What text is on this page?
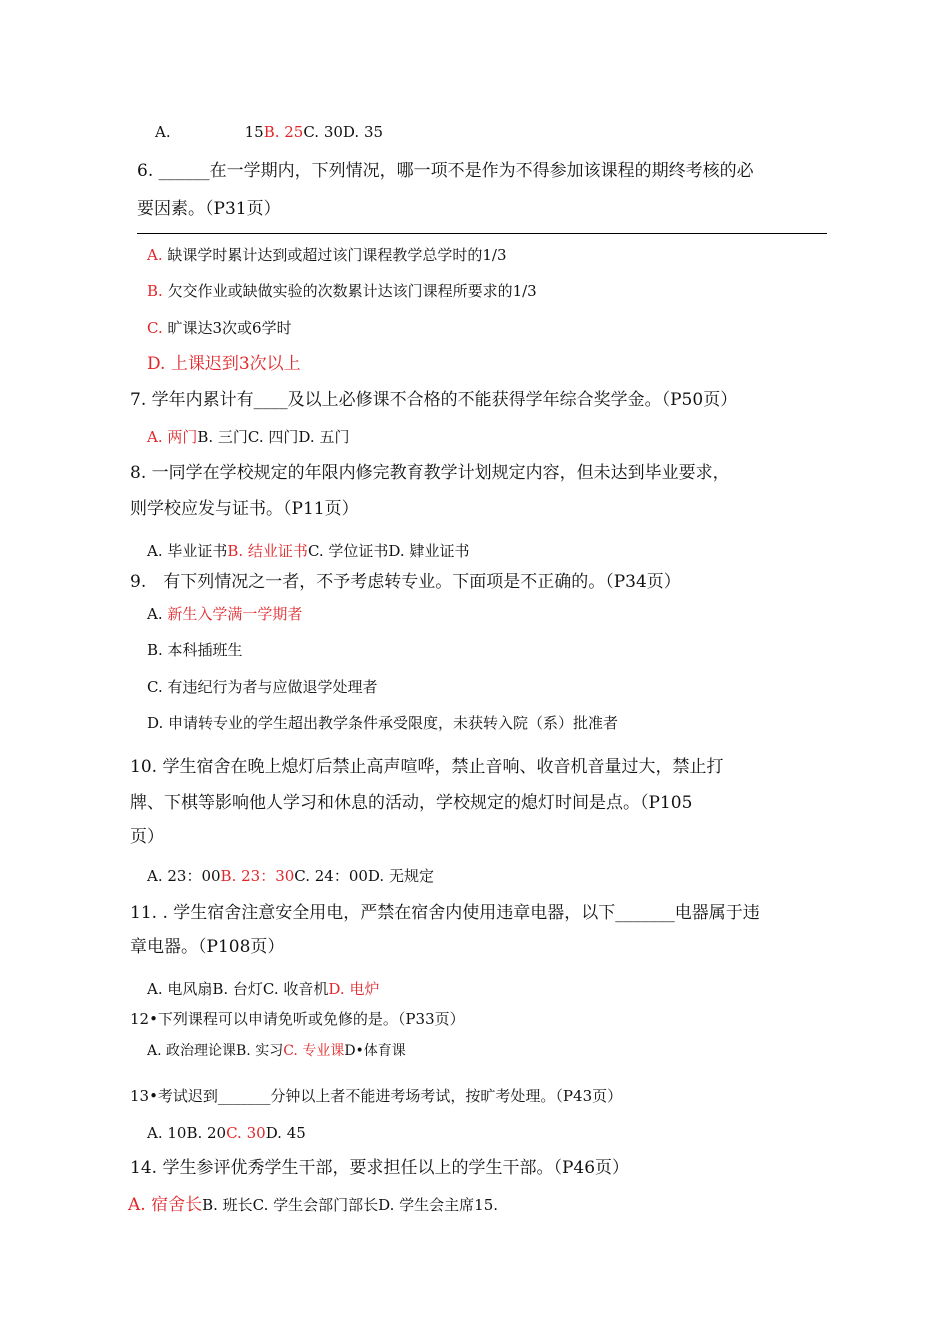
A.	15B. 25C. 30D. 35
6. ______在一学期内，下列情况，哪一项不是作为不得参加该课程的期终考核的必
要因素。（P31页）
A. 缺课学时累计达到或超过该门课程教学总学时的1/3
B. 欠交作业或缺做实验的次数累计达该门课程所要求的1/3
C. 旷课达3次或6学时
D. 上课迟到3次以上
7. 学年内累计有____及以上必修课不合格的不能获得学年综合奖学金。（P50页）
A. 两门B. 三门C. 四门D. 五门
8. 一同学在学校规定的年限内修完教育教学计划规定内容，但未达到毕业要求，
则学校应发与证书。（P11页）
A. 毕业证书B. 结业证书C. 学位证书D. 肄业证书
9.　有下列情况之一者，不予考虑转专业。下面项是不正确的。（P34页）
A. 新生入学满一学期者
B. 本科插班生
C. 有违纪行为者与应做退学处理者
D. 申请转专业的学生超出教学条件承受限度，未获转入院（系）批准者
10. 学生宿舍在晚上熄灯后禁止高声喧哗，禁止音响、收音机音量过大，禁止打
牌、下棋等影响他人学习和休息的活动，学校规定的熄灯时间是点。（P105
页）
A. 23：00B. 23：30C. 24：00D. 无规定
11. . 学生宿舍注意安全用电，严禁在宿舍内使用违章电器，以下_______电器属于违
章电器。（P108页）
A. 电风扇B. 台灯C. 收音机D. 电炉
12•下列课程可以申请免听或免修的是。（P33页）
A. 政治理论课B. 实习C. 专业课D•体育课
13•考试迟到_______分钟以上者不能进考场考试，按旷考处理。（P43页）
A. 10B. 20C. 30D. 45
14. 学生参评优秀学生干部，要求担任以上的学生干部。（P46页）
A. 宿舍长B. 班长C. 学生会部门部长D. 学生会主席15.
